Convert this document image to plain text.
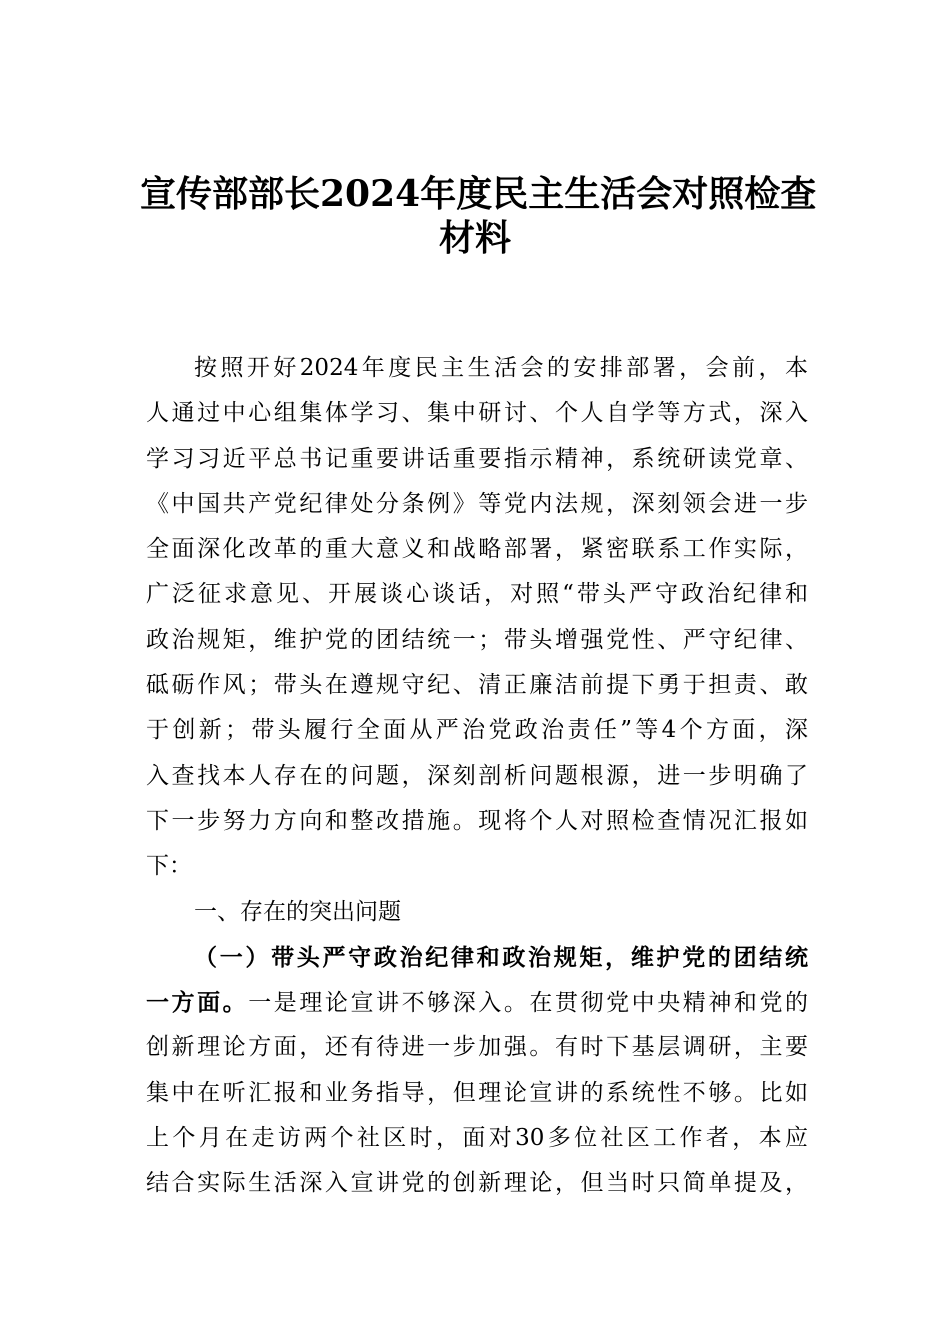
宣传部部长2024年度民主生活会对照检查
材料
按照开好2024年度民主生活会的安排部署，会前，本
人通过中心组集体学习、集中研讨、个人自学等方式，深入
学习习近平总书记重要讲话重要指示精神，系统研读党章、
《中国共产党纪律处分条例》等党内法规，深刻领会进一步
全面深化改革的重大意义和战略部署，紧密联系工作实际，
广泛征求意见、开展谈心谈话，对照“带头严守政治纪律和
政治规矩，维护党的团结统一；带头增强党性、严守纪律、
砥砺作风；带头在遵规守纪、清正廉洁前提下勇于担责、敢
于创新；带头履行全面从严治党政治责任”等4个方面，深
入查找本人存在的问题，深刻剖析问题根源，进一步明确了
下一步努力方向和整改措施。现将个人对照检查情况汇报如
下：
一、存在的突出问题
（一）带头严守政治纪律和政治规矩，维护党的团结统
一方面。一是理论宣讲不够深入。在贯彻党中央精神和党的
创新理论方面，还有待进一步加强。有时下基层调研，主要
集中在听汇报和业务指导，但理论宣讲的系统性不够。比如
上个月在走访两个社区时，面对30多位社区工作者，本应
结合实际生活深入宣讲党的创新理论，但当时只简单提及，
